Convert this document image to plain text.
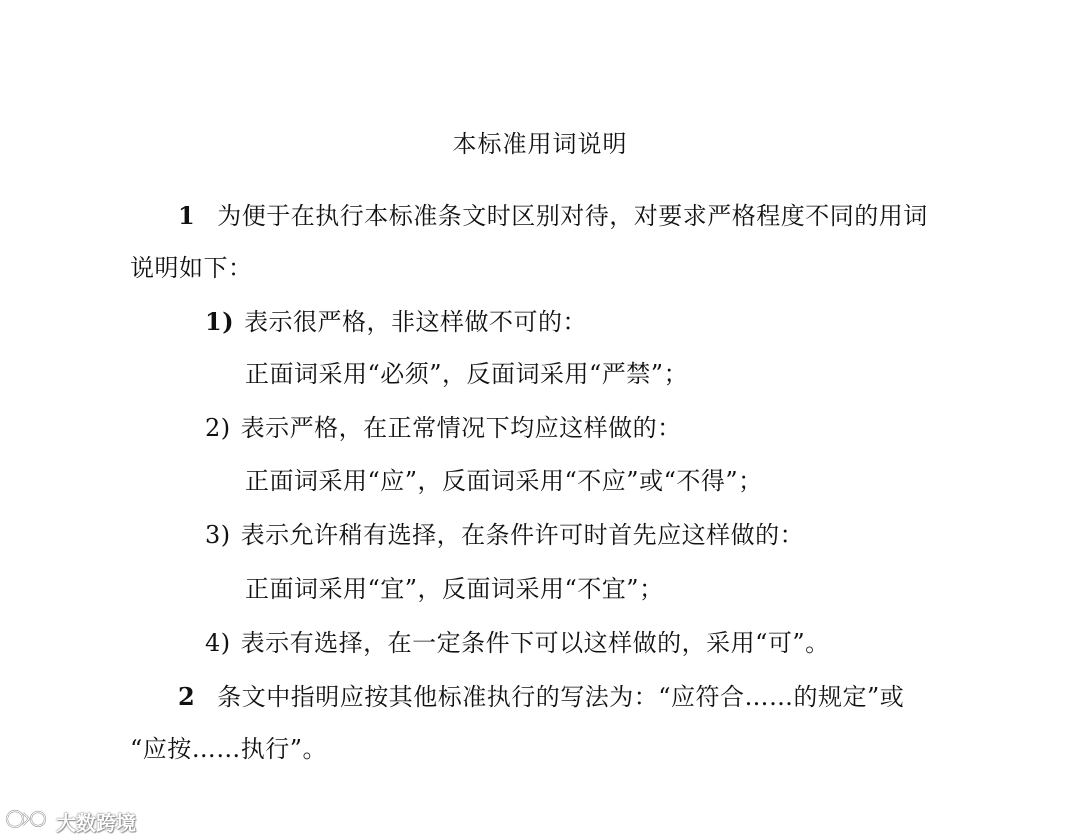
本标准用词说明
1 为便于在执行本标准条文时区别对待，对要求严格程度不同的用词
说明如下：
1) 表示很严格，非这样做不可的：
正面词采用“必须”，反面词采用“严禁”；
2) 表示严格，在正常情况下均应这样做的：
正面词采用“应”，反面词采用“不应”或“不得”；
3) 表示允许稍有选择，在条件许可时首先应这样做的：
正面词采用“宜”，反面词采用“不宜”；
4) 表示有选择，在一定条件下可以这样做的，采用“可”。
2 条文中指明应按其他标准执行的写法为：“应符合……的规定”或
“应按……执行”。
大数跨境
